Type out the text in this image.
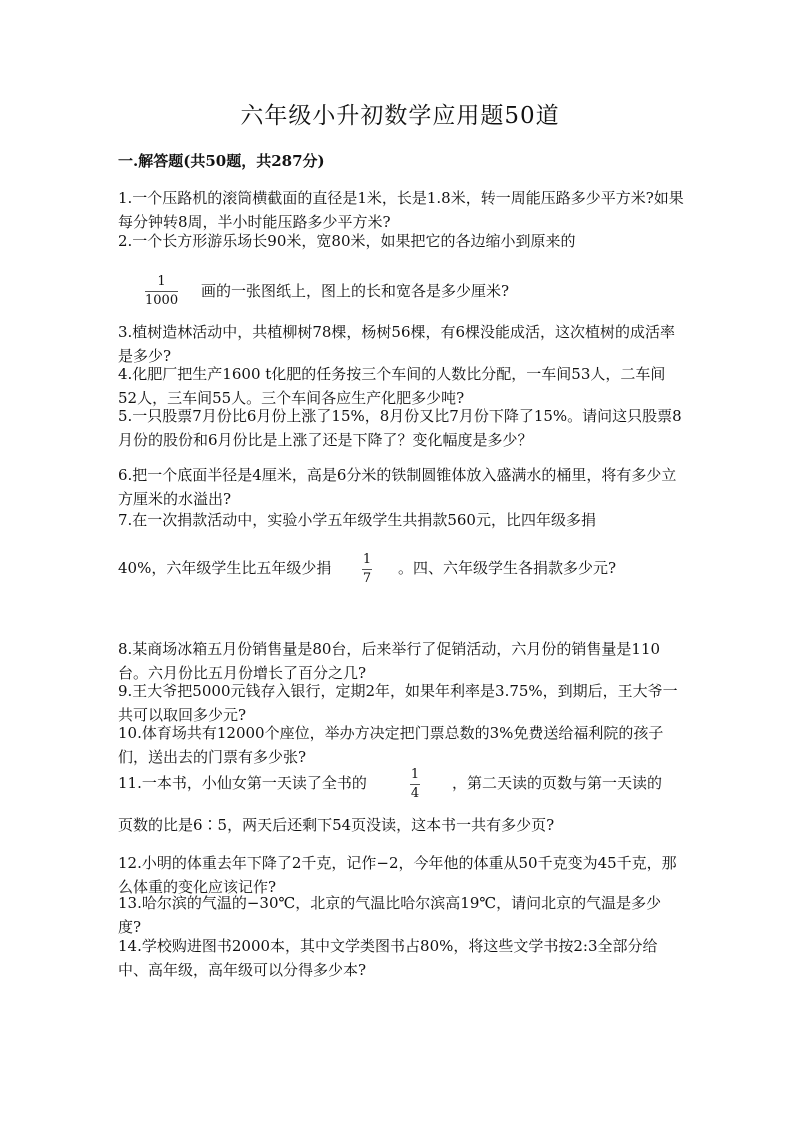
六年级小升初数学应用题50道
一.解答题(共50题，共287分)
1.一个压路机的滚筒横截面的直径是1米，长是1.8米，转一周能压路多少平方米?如果每分钟转8周，半小时能压路多少平方米?
2.一个长方形游乐场长90米，宽80米，如果把它的各边缩小到原来的
1
1000
画的一张图纸上，图上的长和宽各是多少厘米?
3.植树造林活动中，共植柳树78棵，杨树56棵，有6棵没能成活，这次植树的成活率是多少?
4.化肥厂把生产1600 t化肥的任务按三个车间的人数比分配，一车间53人，二车间52人，三车间55人。三个车间各应生产化肥多少吨?
5.一只股票7月份比6月份上涨了15%，8月份又比7月份下降了15%。请问这只股票8月份的股份和6月份比是上涨了还是下降了？变化幅度是多少？
6.把一个底面半径是4厘米，高是6分米的铁制圆锥体放入盛满水的桶里，将有多少立方厘米的水溢出?
7.在一次捐款活动中，实验小学五年级学生共捐款560元，比四年级多捐
40%，六年级学生比五年级少捐	1
7
。四、六年级学生各捐款多少元?
8.某商场冰箱五月份销售量是80台，后来举行了促销活动，六月份的销售量是110台。六月份比五月份增长了百分之几?
9.王大爷把5000元钱存入银行，定期2年，如果年利率是3.75%，到期后，王大爷一共可以取回多少元?
10.体育场共有12000个座位，举办方决定把门票总数的3%免费送给福利院的孩子们，送出去的门票有多少张?
11.一本书，小仙女第一天读了全书的	1
4
，第二天读的页数与第一天读的
页数的比是6∶5，两天后还剩下54页没读，这本书一共有多少页?
12.小明的体重去年下降了2千克，记作−2，今年他的体重从50千克变为45千克，那么体重的变化应该记作?
13.哈尔滨的气温的−30℃，北京的气温比哈尔滨高19℃，请问北京的气温是多少度?
14.学校购进图书2000本，其中文学类图书占80%，将这些文学书按2:3全部分给中、高年级，高年级可以分得多少本?
